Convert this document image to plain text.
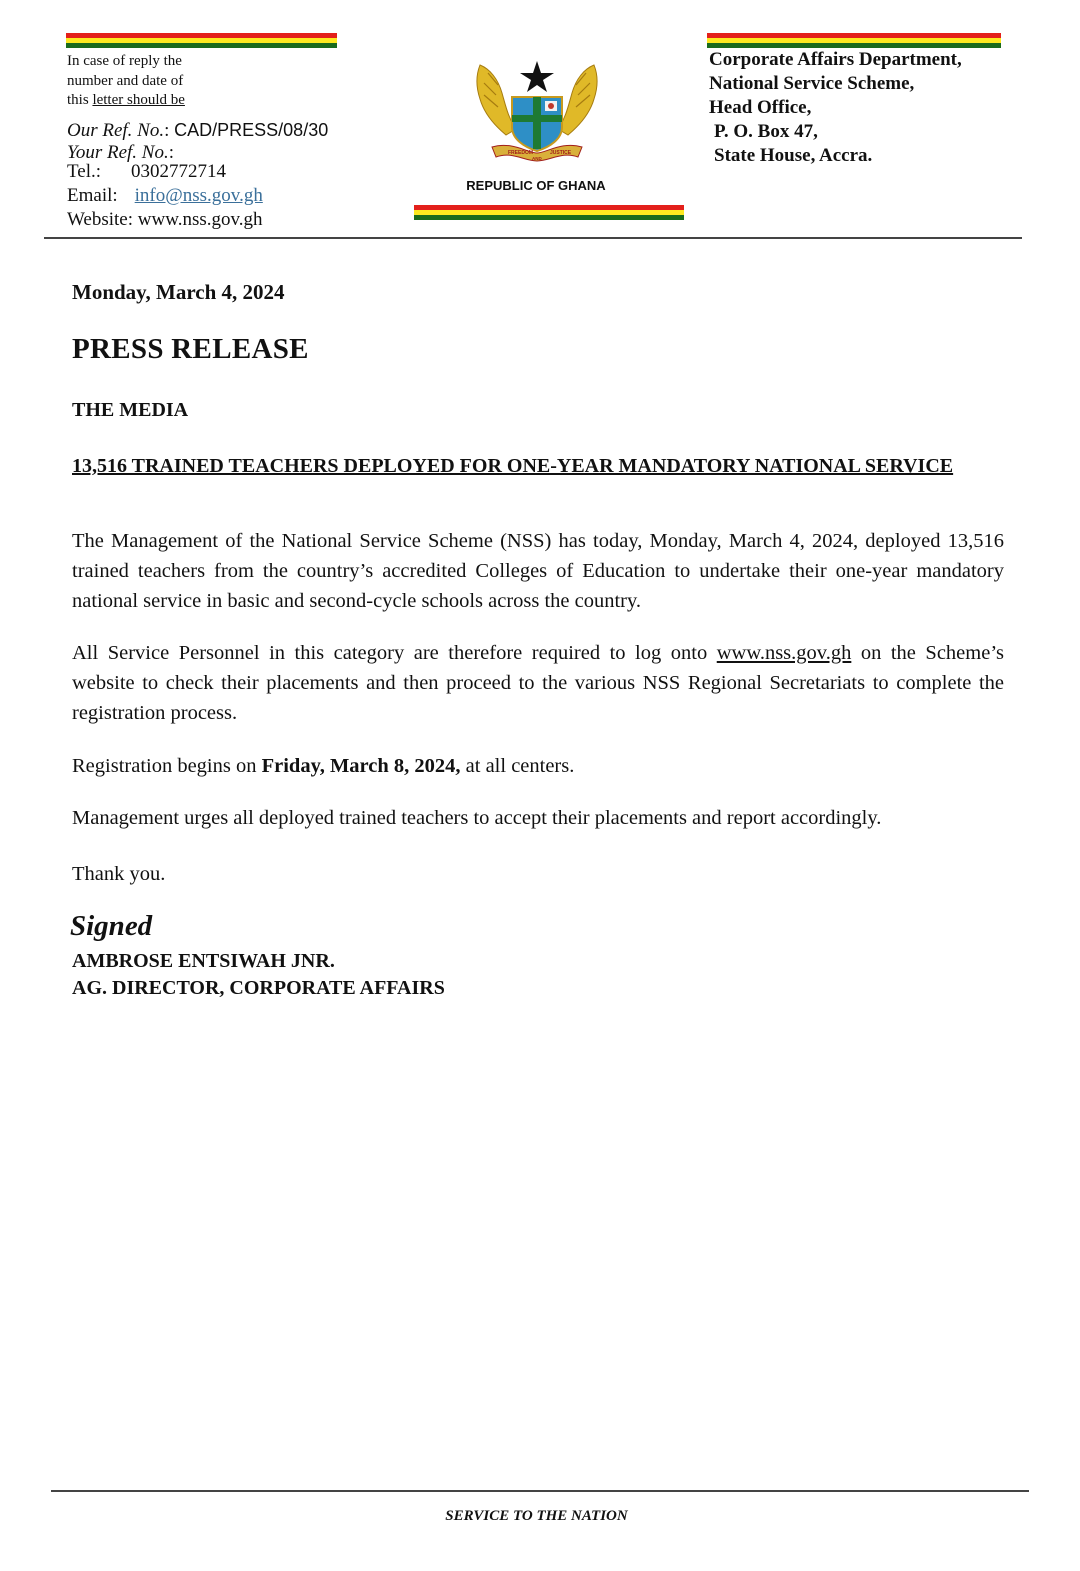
In case of reply the
number and date of
this letter should be

Our Ref. No.: CAD/PRESS/08/30
Your Ref. No.:
Tel.: 0302772714
Email: info@nss.gov.gh
Website: www.nss.gov.gh
FREEDOM	JUSTICE
AND
REPUBLIC OF GHANA
Corporate Affairs Department,
National Service Scheme,
Head Office,
P. O. Box 47,
State House, Accra.
Monday, March 4, 2024
PRESS RELEASE
THE MEDIA
13,516 TRAINED TEACHERS DEPLOYED FOR ONE-YEAR MANDATORY NATIONAL SERVICE
The Management of the National Service Scheme (NSS) has today, Monday, March 4, 2024, deployed 13,516 trained teachers from the country’s accredited Colleges of Education to undertake their one-year mandatory national service in basic and second-cycle schools across the country.
All Service Personnel in this category are therefore required to log onto www.nss.gov.gh on the Scheme’s website to check their placements and then proceed to the various NSS Regional Secretariats to complete the registration process.
Registration begins on Friday, March 8, 2024, at all centers.
Management urges all deployed trained teachers to accept their placements and report accordingly.
Thank you.
Signed
AMBROSE ENTSIWAH JNR.
AG. DIRECTOR, CORPORATE AFFAIRS
SERVICE TO THE NATION
